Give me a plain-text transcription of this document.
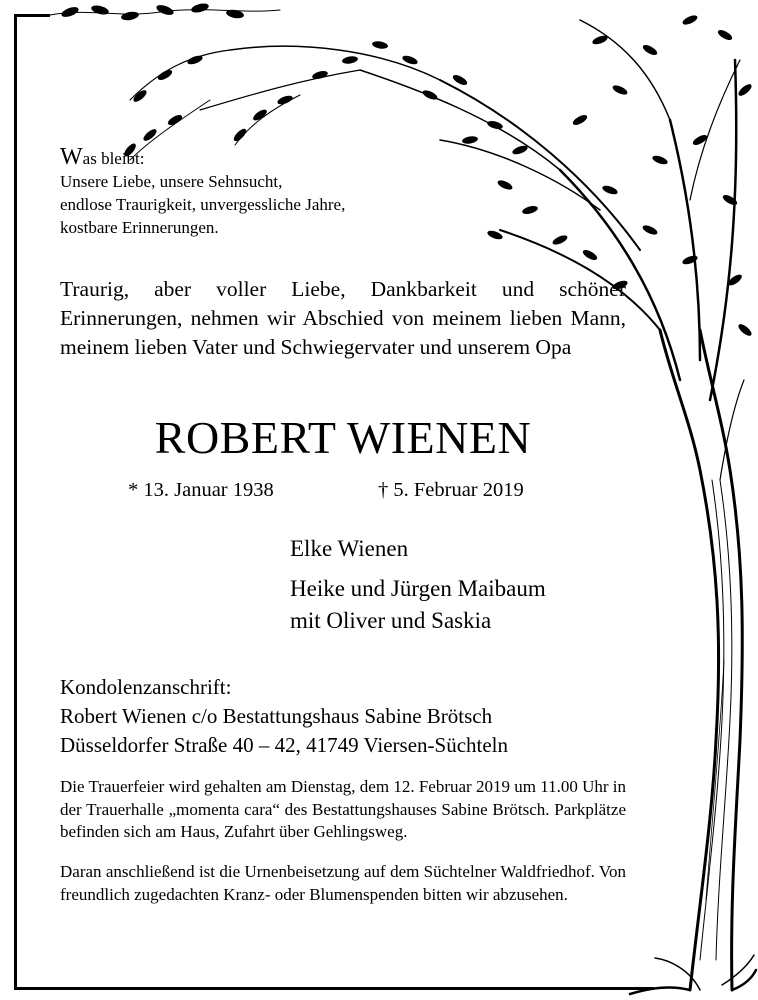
Was bleibt:
Unsere Liebe, unsere Sehnsucht,
endlose Traurigkeit, unvergessliche Jahre,
kostbare Erinnerungen.
Traurig, aber voller Liebe, Dankbarkeit und schöner Erinnerungen, nehmen wir Abschied von meinem lieben Mann, meinem lieben Vater und Schwiegervater und unserem Opa
ROBERT WIENEN
* 13. Januar 1938	† 5. Februar 2019
Elke Wienen
Heike und Jürgen Maibaum
mit Oliver und Saskia
Kondolenzanschrift:
Robert Wienen c/o Bestattungshaus Sabine Brötsch
Düsseldorfer Straße 40 – 42, 41749 Viersen-Süchteln
Die Trauerfeier wird gehalten am Dienstag, dem 12. Februar 2019 um 11.00 Uhr in der Trauerhalle „momenta cara“ des Bestattungshauses Sabine Brötsch. Parkplätze befinden sich am Haus, Zufahrt über Gehlingsweg.
Daran anschließend ist die Urnenbeisetzung auf dem Süchtelner Waldfriedhof. Von freundlich zugedachten Kranz- oder Blumenspenden bitten wir abzusehen.
